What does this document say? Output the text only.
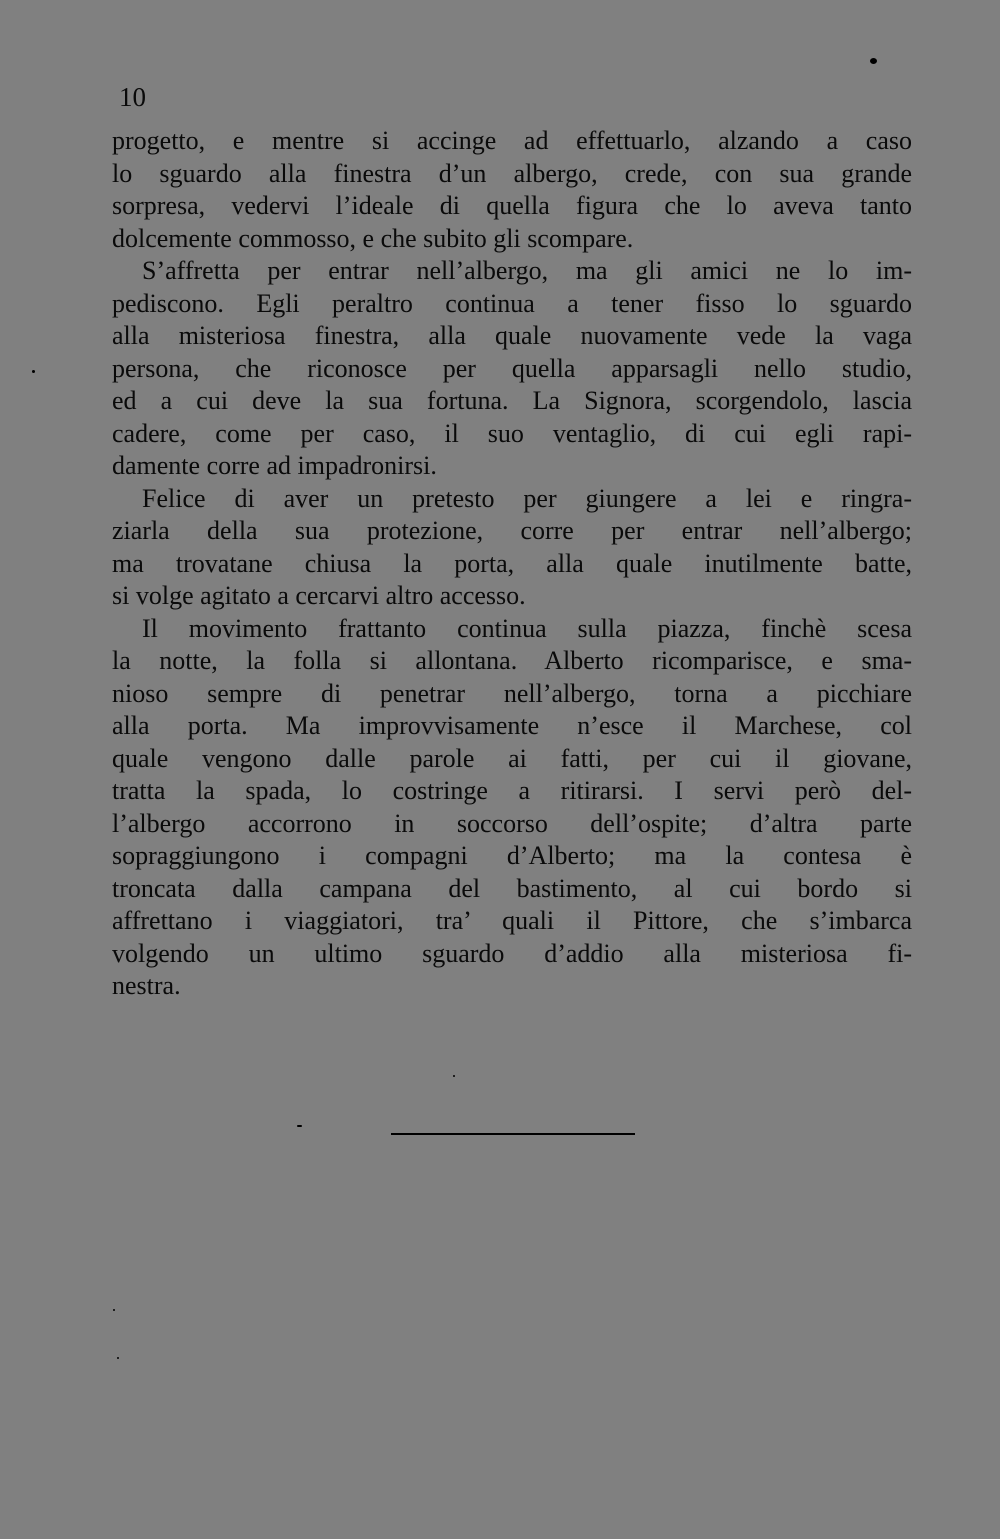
10
progetto, e mentre si accinge ad effettuarlo, alzando a caso
lo sguardo alla finestra d’un albergo, crede, con sua grande
sorpresa, vedervi l’ideale di quella figura che lo aveva tanto
dolcemente commosso, e che subito gli scompare.
S’affretta per entrar nell’albergo, ma gli amici ne lo im-
pediscono. Egli peraltro continua a tener fisso lo sguardo
alla misteriosa finestra, alla quale nuovamente vede la vaga
persona, che riconosce per quella apparsagli nello studio,
ed a cui deve la sua fortuna. La Signora, scorgendolo, lascia
cadere, come per caso, il suo ventaglio, di cui egli rapi-
damente corre ad impadronirsi.
Felice di aver un pretesto per giungere a lei e ringra-
ziarla della sua protezione, corre per entrar nell’albergo;
ma trovatane chiusa la porta, alla quale inutilmente batte,
si volge agitato a cercarvi altro accesso.
Il movimento frattanto continua sulla piazza, finchè scesa
la notte, la folla si allontana. Alberto ricomparisce, e sma-
nioso sempre di penetrar nell’albergo, torna a picchiare
alla porta. Ma improvvisamente n’esce il Marchese, col
quale vengono dalle parole ai fatti, per cui il giovane,
tratta la spada, lo costringe a ritirarsi. I servi però del-
l’albergo accorrono in soccorso dell’ospite; d’altra parte
sopraggiungono i compagni d’Alberto; ma la contesa è
troncata dalla campana del bastimento, al cui bordo si
affrettano i viaggiatori, tra’ quali il Pittore, che s’imbarca
volgendo un ultimo sguardo d’addio alla misteriosa fi-
nestra.
